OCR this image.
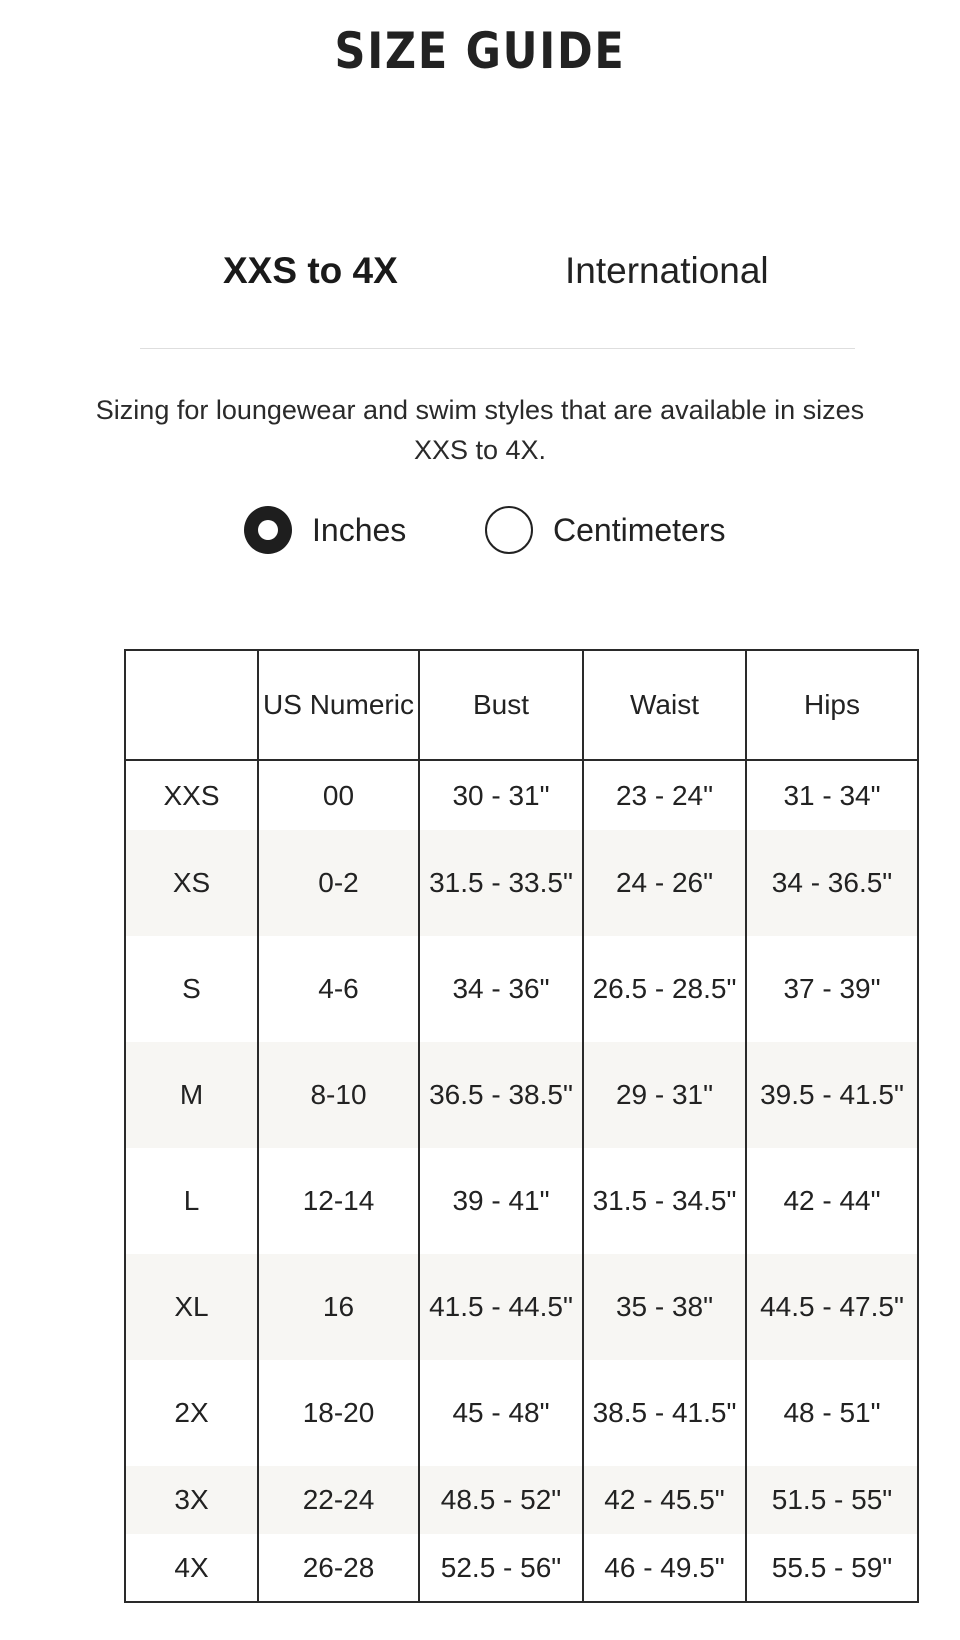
SIZE GUIDE
XXS to 4X	International
Sizing for loungewear and swim styles that are available in sizes XXS to 4X.
Inches	Centimeters
	US Numeric	Bust	Waist	Hips
XXS	00	30 - 31"	23 - 24"	31 - 34"
XS	0-2	31.5 - 33.5"	24 - 26"	34 - 36.5"
S	4-6	34 - 36"	26.5 - 28.5"	37 - 39"
M	8-10	36.5 - 38.5"	29 - 31"	39.5 - 41.5"
L	12-14	39 - 41"	31.5 - 34.5"	42 - 44"
XL	16	41.5 - 44.5"	35 - 38"	44.5 - 47.5"
2X	18-20	45 - 48"	38.5 - 41.5"	48 - 51"
3X	22-24	48.5 - 52"	42 - 45.5"	51.5 - 55"
4X	26-28	52.5 - 56"	46 - 49.5"	55.5 - 59"
